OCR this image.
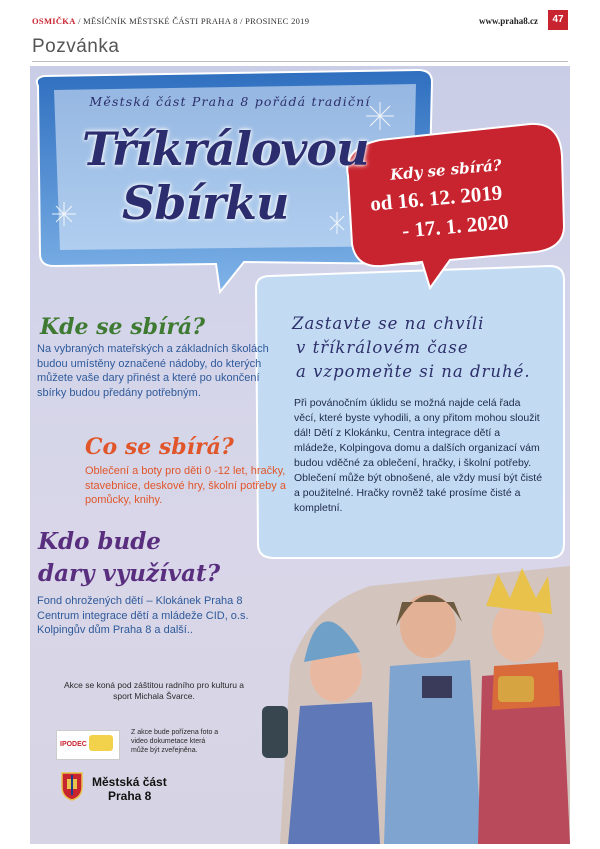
OSMIČKA / MĚSÍČNÍK MĚSTSKÉ ČÁSTI PRAHA 8 / PROSINEC 2019	www.praha8.cz	47
Pozvánka
Městská část Praha 8 pořádá tradiční
Tříkrálovou
Sbírku
Kdy se sbírá?
od 16. 12. 2019
- 17. 1. 2020
Kde se sbírá?
Na vybraných mateřských a základních školách budou umístěny označené nádoby, do kterých můžete vaše dary přinést a které po ukončení sbírky budou předány potřebným.
Co se sbírá?
Oblečení a boty pro děti 0 -12 let, hračky, stavebnice, deskové hry, školní potřeby a pomůcky, knihy.
Kdo bude
dary využívat?
Fond ohrožených dětí – Klokánek Praha 8
Centrum integrace dětí a mládeže CID, o.s.
Kolpingův dům Praha 8 a další..
Zastavte se na chvíli
v tříkrálovém čase
a vzpomeňte si na druhé.
Při povánočním úklidu se možná najde celá řada věcí, které byste vyhodili, a ony přitom mohou sloužit dál! Dětí z Klokánku, Centra integrace dětí a mládeže, Kolpingova domu a dalších organizací vám budou vděčné za oblečení, hračky, i školní potřeby. Oblečení může být obnošené, ale vždy musí být čisté a použitelné. Hračky rovněž také prosíme čisté a kompletní.
Akce se koná pod záštitou radního pro kulturu a sport Michala Švarce.
IPODEC
Z akce bude pořízena foto a video dokumetace která může být zveřejněna.
Městská část
Praha 8
